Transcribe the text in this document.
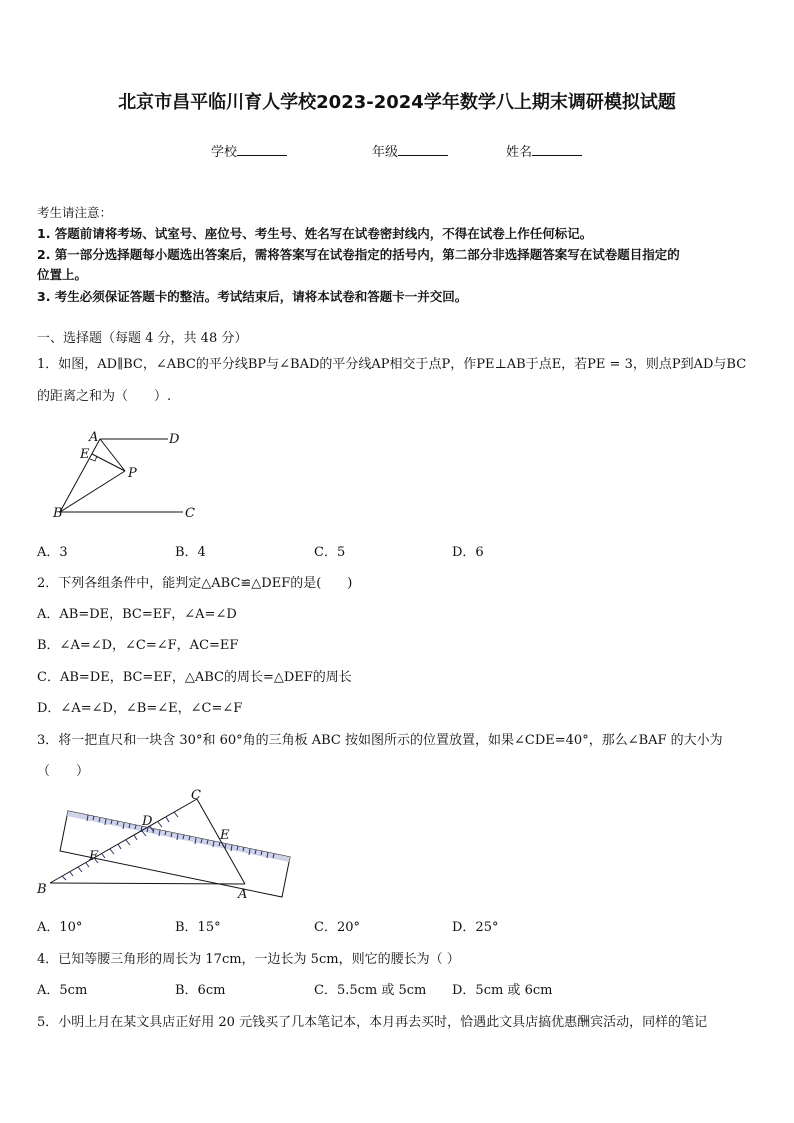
北京市昌平临川育人学校2023-2024学年数学八上期末调研模拟试题
学校	年级	姓名
考生请注意：
1. 答题前请将考场、试室号、座位号、考生号、姓名写在试卷密封线内，不得在试卷上作任何标记。
2. 第一部分选择题每小题选出答案后，需将答案写在试卷指定的括号内，第二部分非选择题答案写在试卷题目指定的
位置上。
3. 考生必须保证答题卡的整洁。考试结束后，请将本试卷和答题卡一并交回。
一、选择题（每题 4 分，共 48 分）
1．如图，AD∥BC，∠ABC的平分线BP与∠BAD的平分线AP相交于点P，作PE⊥AB于点E，若PE = 3，则点P到AD与BC
的距离之和为（　　）.
A	D
E
P
B	C
A．3	B．4	C．5	D．6
2．下列各组条件中，能判定△ABC≌△DEF的是(　　)
A．AB=DE，BC=EF，∠A=∠D
B．∠A=∠D，∠C=∠F，AC=EF
C．AB=DE，BC=EF，△ABC的周长=△DEF的周长
D．∠A=∠D，∠B=∠E，∠C=∠F
3．将一把直尺和一块含 30°和 60°角的三角板 ABC 按如图所示的位置放置，如果∠CDE=40°，那么∠BAF 的大小为
（　　）
C
D
E
F
B	A
A．10°	B．15°	C．20°	D．25°
4．已知等腰三角形的周长为 17cm，一边长为 5cm，则它的腰长为（ ）
A．5cm	B．6cm	C．5.5cm 或 5cm D．5cm 或 6cm
5．小明上月在某文具店正好用 20 元钱买了几本笔记本，本月再去买时，恰遇此文具店搞优惠酬宾活动，同样的笔记
